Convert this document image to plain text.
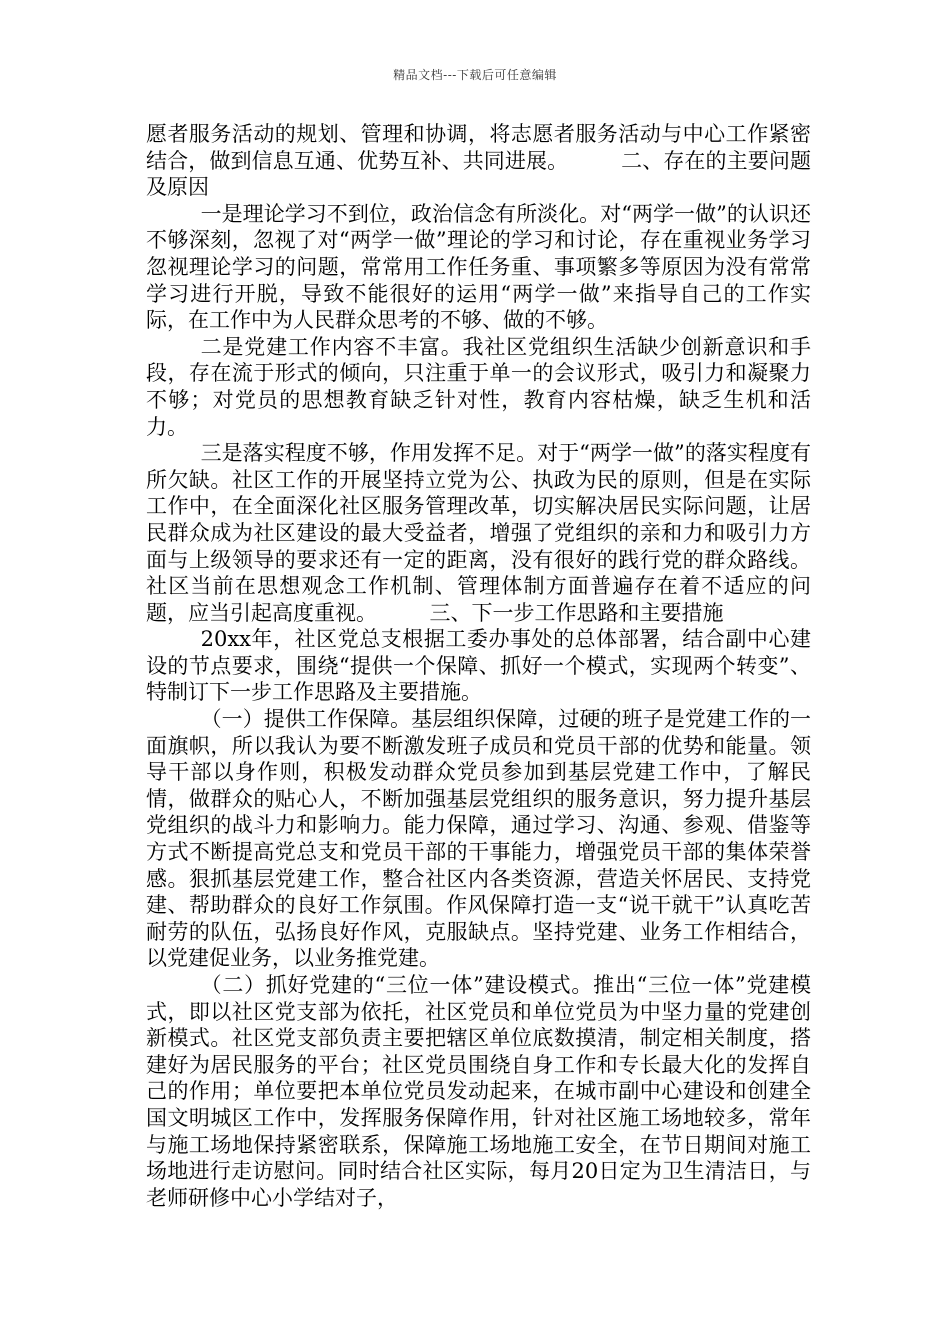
精品文档---下载后可任意编辑

愿者服务活动的规划、管理和协调，将志愿者服务活动与中心工作紧密结合，做到信息互通、优势互补、共同进展。　　　二、存在的主要问题及原因

一是理论学习不到位，政治信念有所淡化。对“两学一做”的认识还不够深刻，忽视了对“两学一做”理论的学习和讨论，存在重视业务学习忽视理论学习的问题，常常用工作任务重、事项繁多等原因为没有常常学习进行开脱，导致不能很好的运用“两学一做”来指导自己的工作实际，在工作中为人民群众思考的不够、做的不够。

二是党建工作内容不丰富。我社区党组织生活缺少创新意识和手段，存在流于形式的倾向，只注重于单一的会议形式，吸引力和凝聚力不够；对党员的思想教育缺乏针对性，教育内容枯燥，缺乏生机和活力。

三是落实程度不够，作用发挥不足。对于“两学一做”的落实程度有所欠缺。社区工作的开展坚持立党为公、执政为民的原则，但是在实际工作中，在全面深化社区服务管理改革，切实解决居民实际问题，让居民群众成为社区建设的最大受益者，增强了党组织的亲和力和吸引力方面与上级领导的要求还有一定的距离，没有很好的践行党的群众路线。社区当前在思想观念工作机制、管理体制方面普遍存在着不适应的问题，应当引起高度重视。　　　三、下一步工作思路和主要措施

20xx年，社区党总支根据工委办事处的总体部署，结合副中心建设的节点要求，围绕“提供一个保障、抓好一个模式，实现两个转变”、特制订下一步工作思路及主要措施。

（一）提供工作保障。基层组织保障，过硬的班子是党建工作的一面旗帜，所以我认为要不断激发班子成员和党员干部的优势和能量。领导干部以身作则，积极发动群众党员参加到基层党建工作中，了解民情，做群众的贴心人，不断加强基层党组织的服务意识，努力提升基层党组织的战斗力和影响力。能力保障，通过学习、沟通、参观、借鉴等方式不断提高党总支和党员干部的干事能力，增强党员干部的集体荣誉感。狠抓基层党建工作，整合社区内各类资源，营造关怀居民、支持党建、帮助群众的良好工作氛围。作风保障打造一支“说干就干”认真吃苦耐劳的队伍，弘扬良好作风，克服缺点。坚持党建、业务工作相结合，以党建促业务，以业务推党建。

（二）抓好党建的“三位一体”建设模式。推出“三位一体”党建模式，即以社区党支部为依托，社区党员和单位党员为中坚力量的党建创新模式。社区党支部负责主要把辖区单位底数摸清，制定相关制度，搭建好为居民服务的平台；社区党员围绕自身工作和专长最大化的发挥自己的作用；单位要把本单位党员发动起来，在城市副中心建设和创建全国文明城区工作中，发挥服务保障作用，针对社区施工场地较多，常年与施工场地保持紧密联系，保障施工场地施工安全，在节日期间对施工场地进行走访慰问。同时结合社区实际，每月20日定为卫生清洁日，与老师研修中心小学结对子，
